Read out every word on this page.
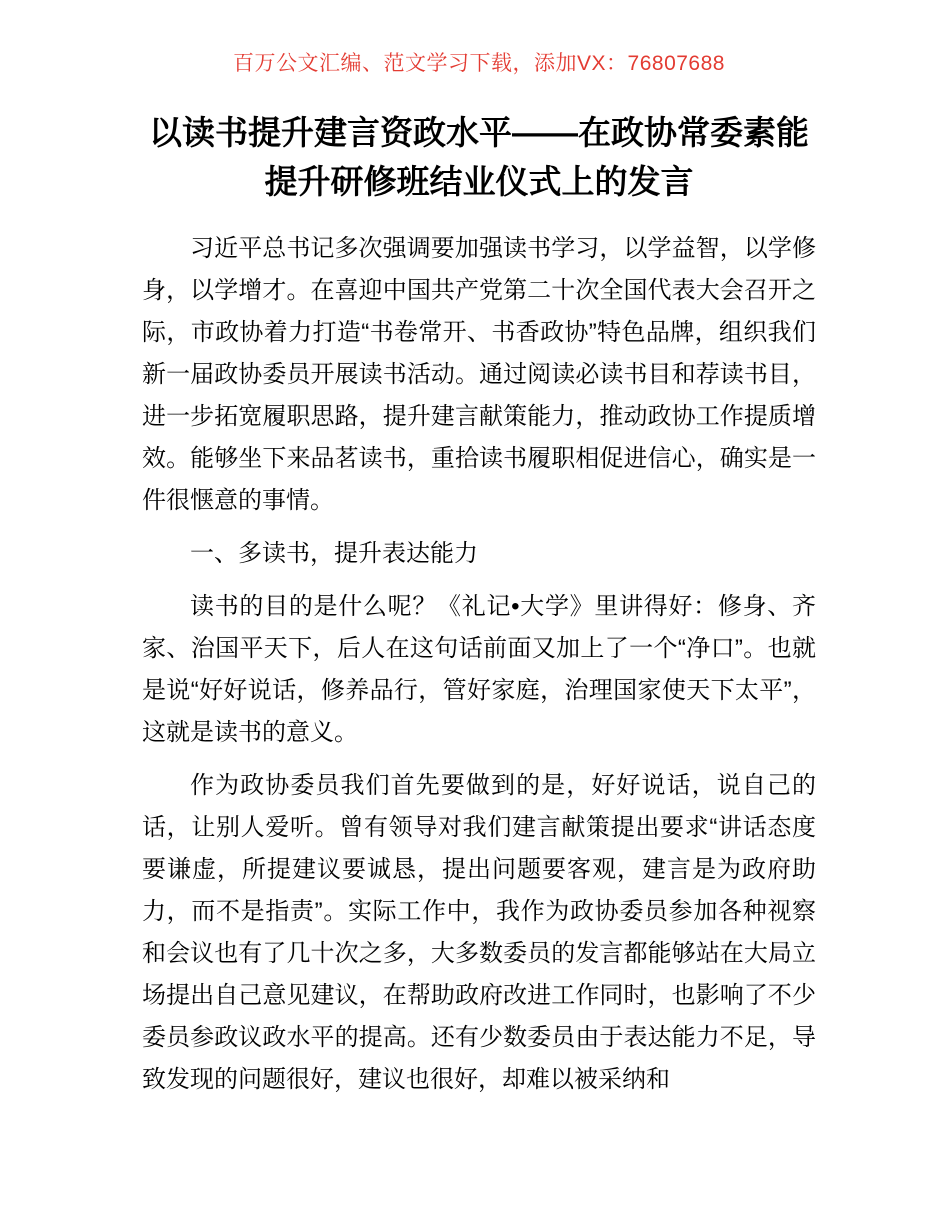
百万公文汇编、范文学习下载，添加VX：76807688
以读书提升建言资政水平——在政协常委素能
提升研修班结业仪式上的发言

习近平总书记多次强调要加强读书学习，以学益智，以学修身，以学增才。在喜迎中国共产党第二十次全国代表大会召开之际，市政协着力打造“书卷常开、书香政协”特色品牌，组织我们新一届政协委员开展读书活动。通过阅读必读书目和荐读书目，进一步拓宽履职思路，提升建言献策能力，推动政协工作提质增效。能够坐下来品茗读书，重拾读书履职相促进信心，确实是一件很惬意的事情。

一、多读书，提升表达能力

读书的目的是什么呢？《礼记•大学》里讲得好：修身、齐家、治国平天下，后人在这句话前面又加上了一个“净口”。也就是说“好好说话，修养品行，管好家庭，治理国家使天下太平”，这就是读书的意义。

作为政协委员我们首先要做到的是，好好说话，说自己的话，让别人爱听。曾有领导对我们建言献策提出要求“讲话态度要谦虚，所提建议要诚恳，提出问题要客观，建言是为政府助力，而不是指责”。实际工作中，我作为政协委员参加各种视察和会议也有了几十次之多，大多数委员的发言都能够站在大局立场提出自己意见建议，在帮助政府改进工作同时，也影响了不少委员参政议政水平的提高。还有少数委员由于表达能力不足，导致发现的问题很好，建议也很好，却难以被采纳和
